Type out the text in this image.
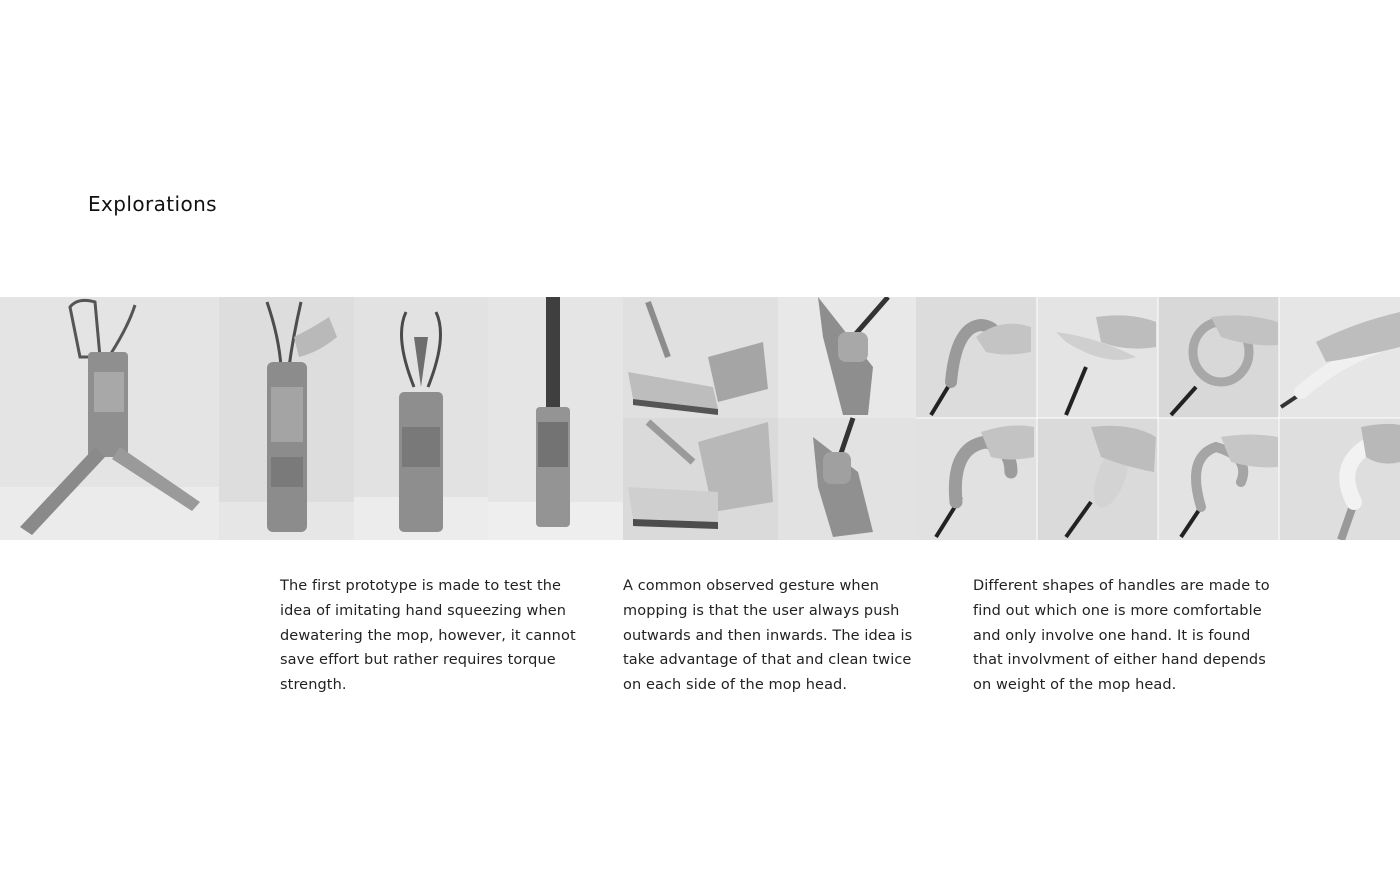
Explorations
The first prototype is made to test the idea of imitating hand squeezing when dewatering the mop, however, it cannot save effort but rather requires torque strength.
A common observed gesture when mopping is that the user always push outwards and then inwards. The idea is take advantage of that and clean twice on each side of the mop head.
Different shapes of handles are made to find out which one is more comfortable and only involve one hand. It is found that involvment of either hand depends on weight of the mop head.
